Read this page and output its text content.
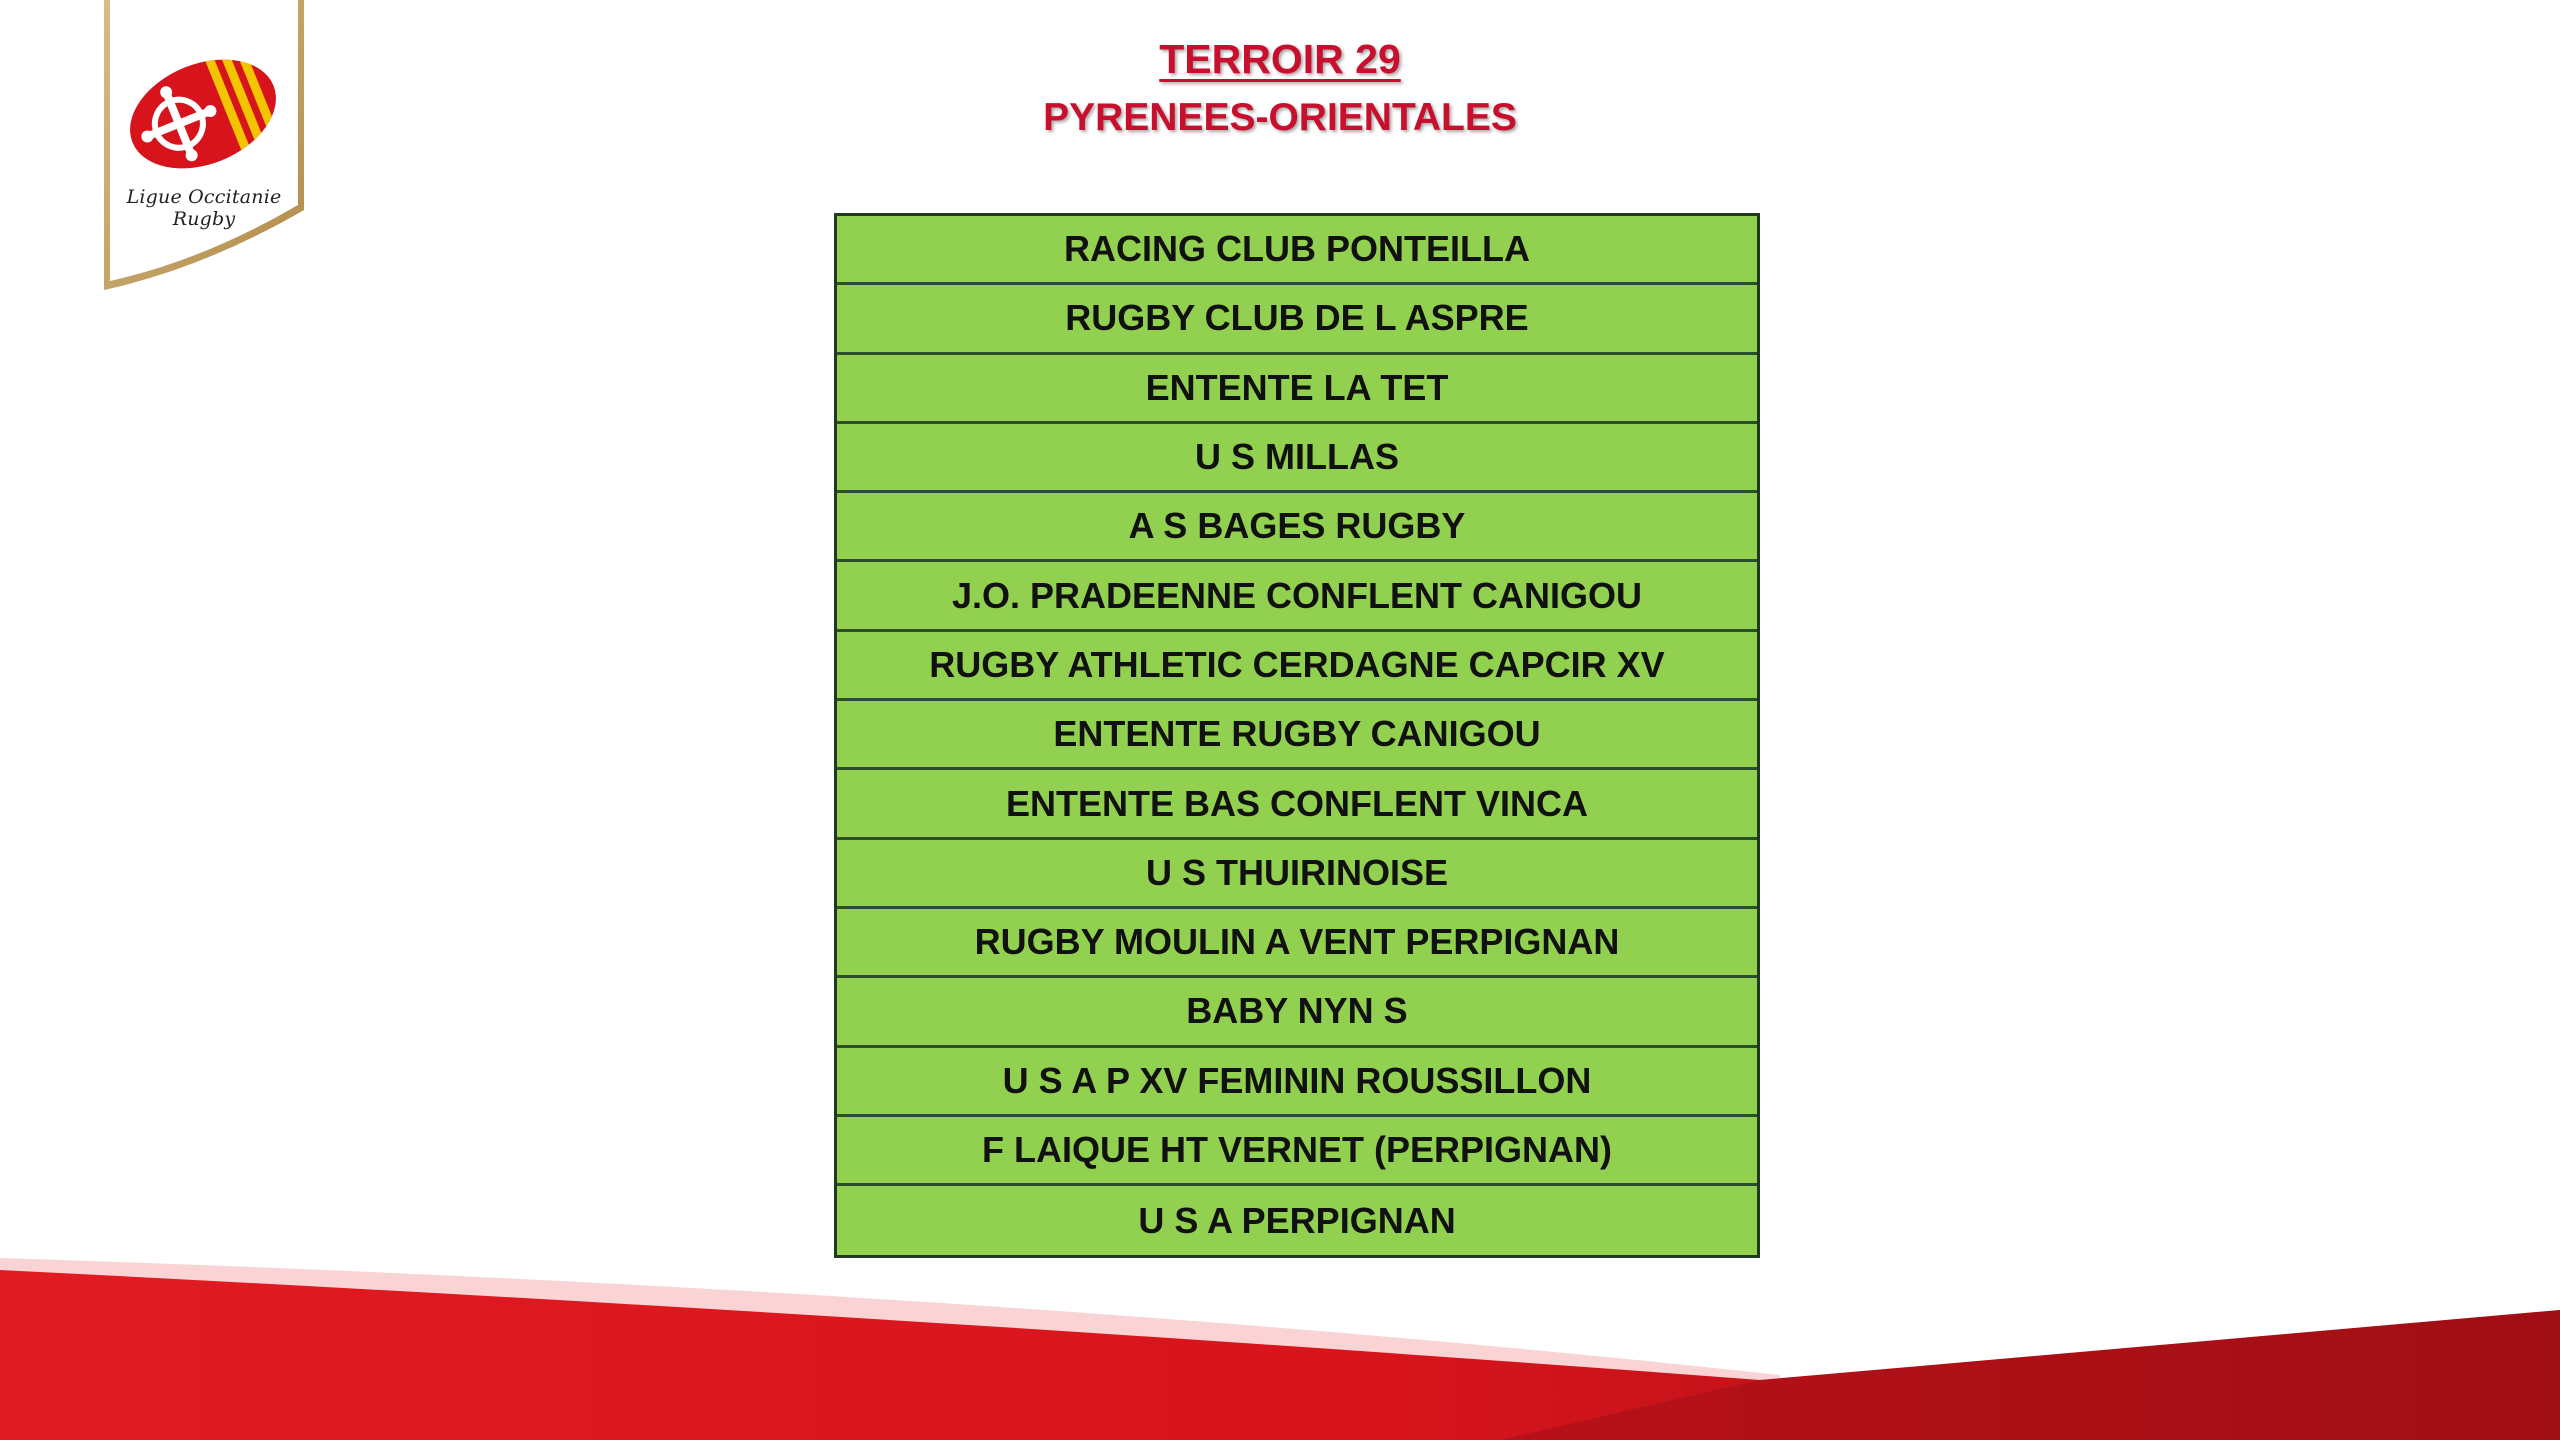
Ligue Occitanie Rugby
TERROIR 29
PYRENEES-ORIENTALES
RACING CLUB PONTEILLA
RUGBY CLUB DE L ASPRE
ENTENTE LA TET
U S MILLAS
A S BAGES RUGBY
J.O. PRADEENNE CONFLENT CANIGOU
RUGBY ATHLETIC CERDAGNE CAPCIR XV
ENTENTE RUGBY CANIGOU
ENTENTE BAS CONFLENT VINCA
U S THUIRINOISE
RUGBY MOULIN A VENT PERPIGNAN
BABY NYN S
U S A P XV FEMININ ROUSSILLON
F LAIQUE HT VERNET (PERPIGNAN)
U S A PERPIGNAN
